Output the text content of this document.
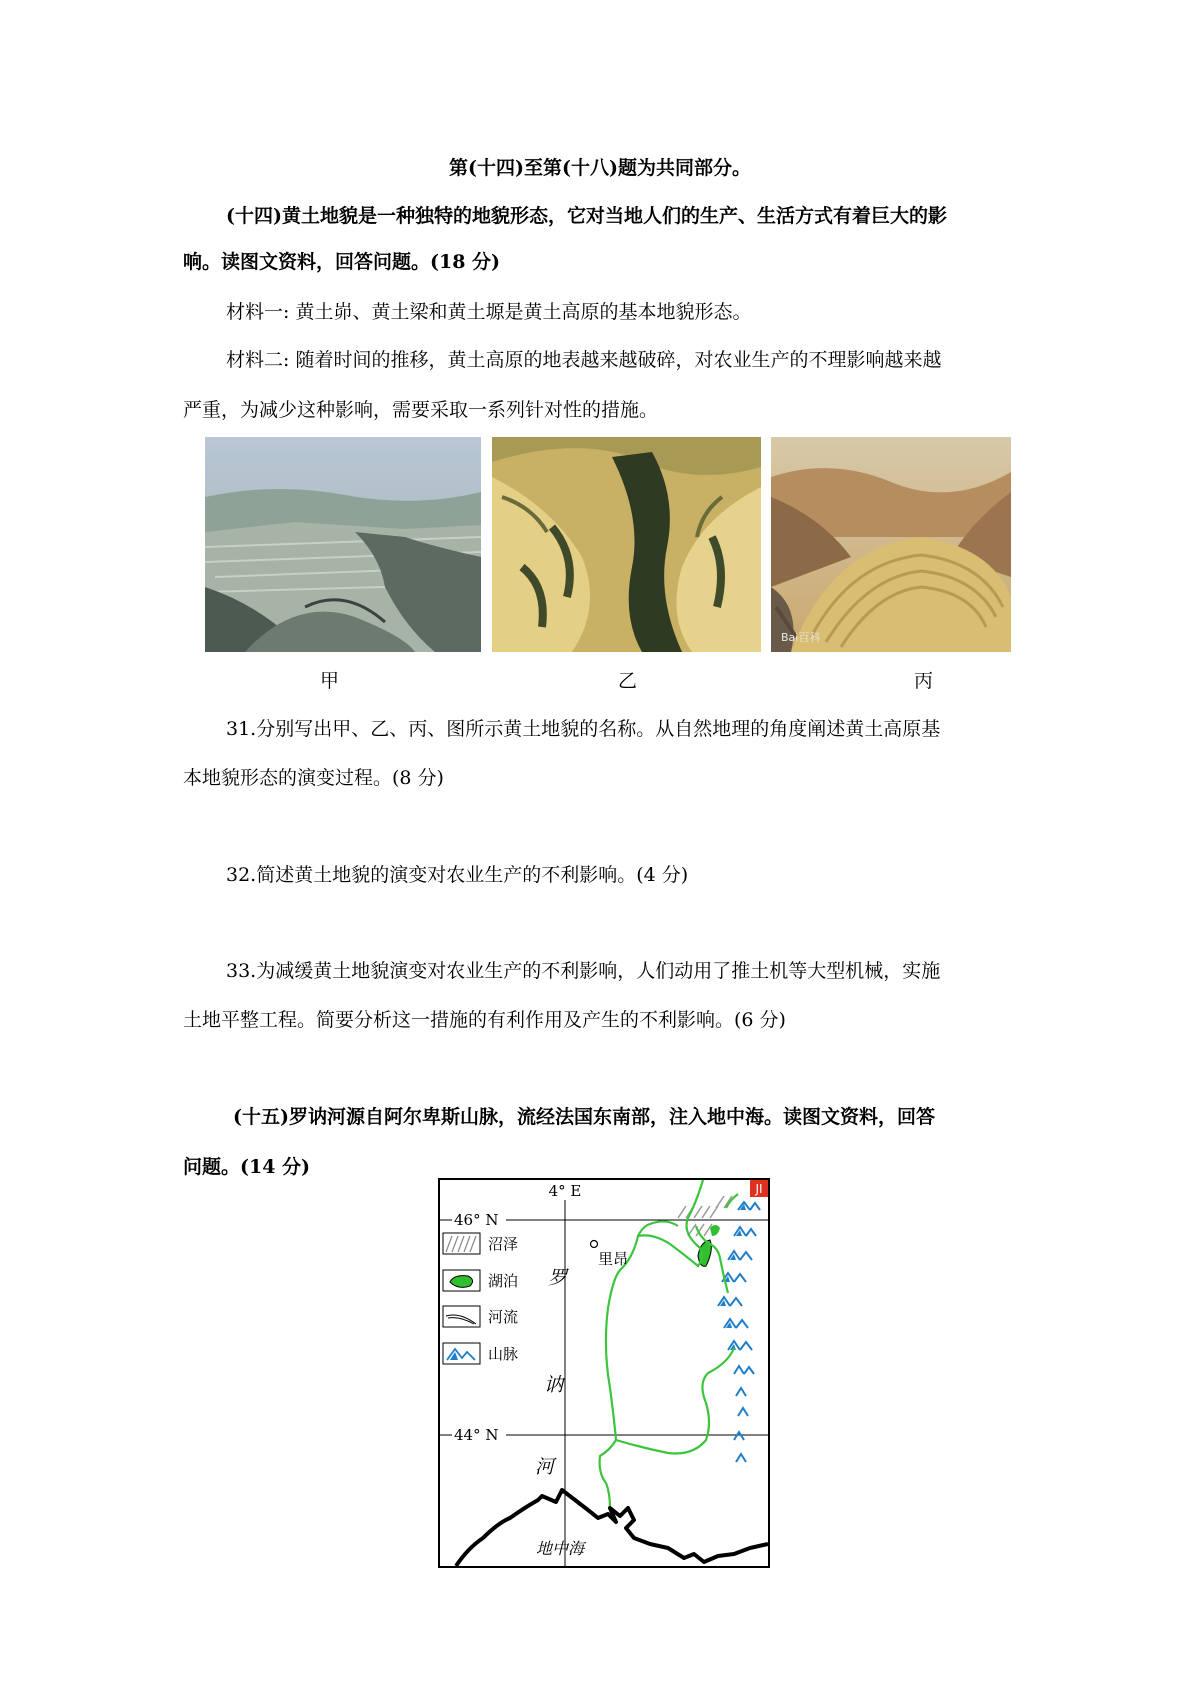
第(十四)至第(十八)题为共同部分。
(十四)黄土地貌是一种独特的地貌形态，它对当地人们的生产、生活方式有着巨大的影
响。读图文资料，回答问题。(18 分)
材料一: 黄土峁、黄土梁和黄土塬是黄土高原的基本地貌形态。
材料二: 随着时间的推移，黄土高原的地表越来越破碎，对农业生产的不理影响越来越
严重，为减少这种影响，需要采取一系列针对性的措施。
Bai百科
甲	乙	丙
31.分别写出甲、乙、丙、图所示黄土地貌的名称。从自然地理的角度阐述黄土高原基
本地貌形态的演变过程。(8 分)
32.简述黄土地貌的演变对农业生产的不利影响。(4 分)
33.为减缓黄土地貌演变对农业生产的不利影响，人们动用了推土机等大型机械，实施
土地平整工程。简要分析这一措施的有利作用及产生的不利影响。(6 分)
(十五)罗讷河源自阿尔卑斯山脉，流经法国东南部，注入地中海。读图文资料，回答
问题。(14 分)
4° E
46° N
44° N
JI
里昂
罗
讷
河
地中海
沼泽
湖泊
河流
山脉
